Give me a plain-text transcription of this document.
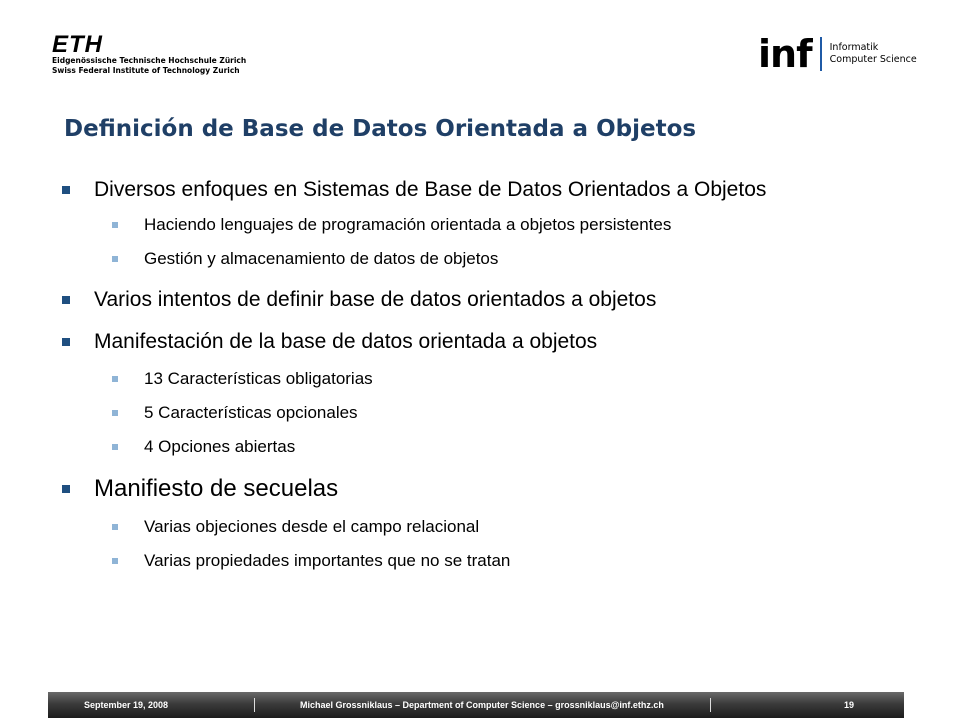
ETH
Eidgenössische Technische Hochschule Zürich
Swiss Federal Institute of Technology Zurich	inf Informatik
Computer Science
Definición de Base de Datos Orientada a Objetos
Diversos enfoques en Sistemas de Base de Datos Orientados a Objetos
Haciendo lenguajes de programación orientada a objetos persistentes
Gestión y almacenamiento de datos de objetos
Varios intentos de definir base de datos orientados a objetos
Manifestación de la base de datos orientada a objetos
13 Características obligatorias
5 Características opcionales
4 Opciones abiertas
Manifiesto de secuelas
Varias objeciones desde el campo relacional
Varias propiedades importantes que no se tratan
September 19, 2008	Michael Grossniklaus – Department of Computer Science – grossniklaus@inf.ethz.ch	19
